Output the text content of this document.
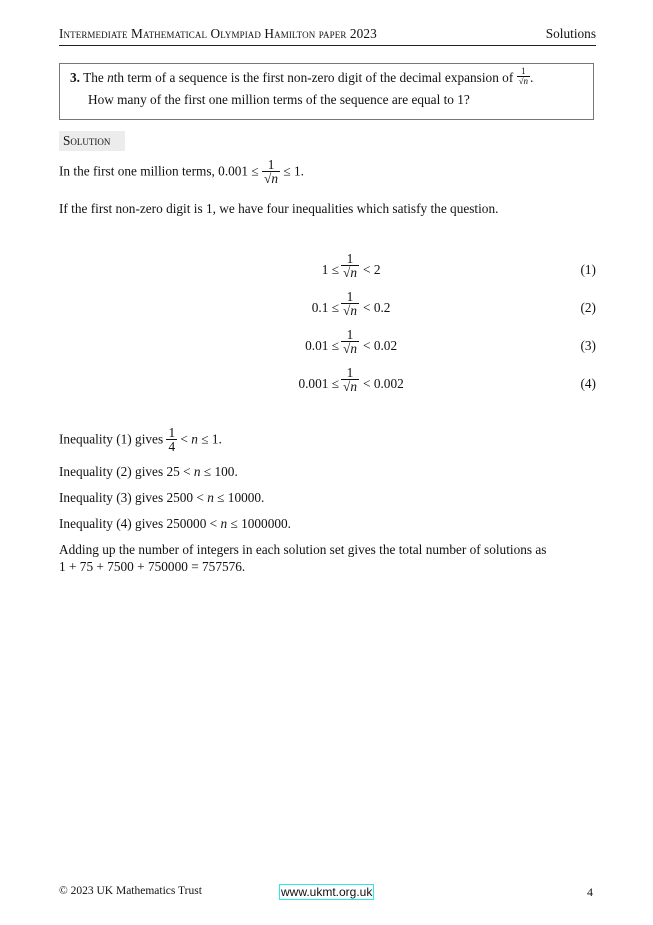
Intermediate Mathematical Olympiad Hamilton paper 2023	Solutions
3. The nth term of a sequence is the first non-zero digit of the decimal expansion of $\frac{1}{√n}$ .
How many of the first one million terms of the sequence are equal to 1?
Solution
In the first one million terms, $0.001 \le \frac{1}{√n} \le 1$.
If the first non-zero digit is 1, we have four inequalities which satisfy the question.
$1 \le \frac{1}{√n} < 2$	(1)
$0.1 \le \frac{1}{√n} < 0.2$	(2)
$0.01 \le \frac{1}{√n} < 0.02$	(3)
$0.001 \le \frac{1}{√n} < 0.002$	(4)
Inequality (1) gives $\frac{1}{4} < n \le 1$.
Inequality (2) gives 25 < n ≤ 100.
Inequality (3) gives 2500 < n ≤ 10000.
Inequality (4) gives 250000 < n ≤ 1000000.
Adding up the number of integers in each solution set gives the total number of solutions as
1 + 75 + 7500 + 750000 = 757576.
© 2023 UK Mathematics Trust	www.ukmt.org.uk	4
